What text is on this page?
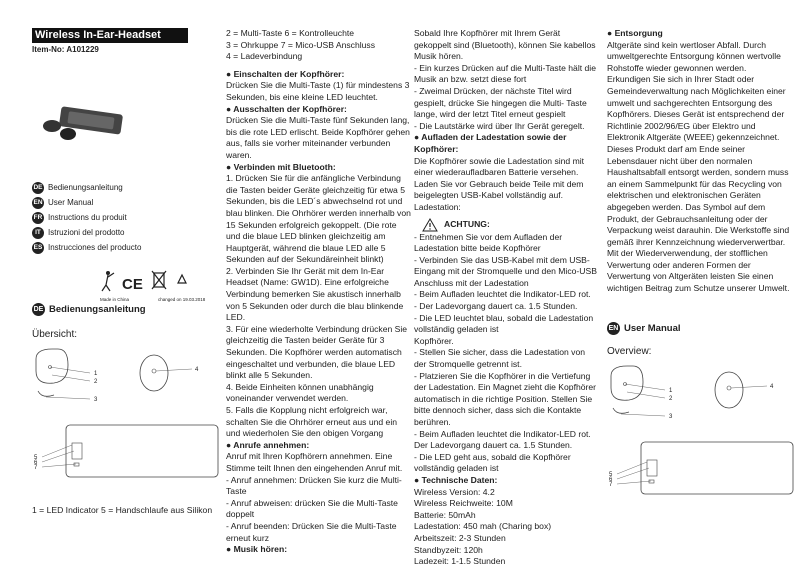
Wireless In-Ear-Headset
Item-No: A101229
DE Bedienungsanleitung
EN User Manual
FR Instructions du produit
IT Istruzioni del prodotto
ES Instrucciones del producto
CE
Made in China	changed on 19.03.2018
DE Bedienungsanleitung
Übersicht:
1
2
3
4
5
6
7
1 = LED Indicator 5 = Handschlaufe aus Silikon

2 = Multi-Taste 6 = Kontrolleuchte

3 = Ohrkuppe 7 = Mico-USB Anschluss

4 = Ladeverbindung

● Einschalten der Kopfhörer:

Drücken Sie die Multi-Taste (1) für mindestens 3 Sekunden, bis eine kleine LED leuchtet.

● Ausschalten der Kopfhörer:

Drücken Sie die Multi-Taste fünf Sekunden lang, bis die rote LED erlischt. Beide Kopfhörer gehen aus, falls sie vorher miteinander verbunden waren.

● Verbinden mit Bluetooth:

1. Drücken Sie für die anfängliche Verbindung die Tasten beider Geräte gleichzeitig für etwa 5 Sekunden, bis die LED´s abwechselnd rot und blau blinken. Die Ohrhörer werden innerhalb von 15 Sekunden erfolgreich gekoppelt. (Die rote und die blaue LED blinken gleichzeitig am Hauptgerät, während die blaue LED alle 5 Sekunden auf der Sekundäreinheit blinkt)

2. Verbinden Sie Ihr Gerät mit dem In-Ear Headset (Name: GW1D). Eine erfolgreiche Verbindung bemerken Sie akustisch innerhalb von 5 Sekunden oder durch die blau blinkende LED.

3. Für eine wiederholte Verbindung drücken Sie gleichzeitig die Tasten beider Geräte für 3 Sekunden. Die Kopfhörer werden automatisch eingeschaltet und verbunden, die blaue LED blinkt alle 5 Sekunden.

4. Beide Einheiten können unabhängig voneinander verwendet werden.

5. Falls die Kopplung nicht erfolgreich war, schalten Sie die Ohrhörer erneut aus und ein und wiederholen Sie den obigen Vorgang

● Anrufe annehmen:

Anruf mit Ihren Kopfhörern annehmen. Eine Stimme teilt Ihnen den eingehenden Anruf mit.

- Anruf annehmen: Drücken Sie kurz die Multi-Taste

- Anruf abweisen: drücken Sie die Multi-Taste doppelt

- Anruf beenden: Drücken Sie die Multi-Taste erneut kurz

● Musik hören:

Sobald Ihre Kopfhörer mit Ihrem Gerät gekoppelt sind (Bluetooth), können Sie kabellos Musik hören.

- Ein kurzes Drücken auf die Multi-Taste hält die Musik an bzw. setzt diese fort

- Zweimal Drücken, der nächste Titel wird gespielt, drücke Sie hingegen die Multi- Taste lange, wird der letzt Titel erneut gespielt

- Die Lautstärke wird über Ihr Gerät geregelt.

● Aufladen der Ladestation sowie der Kopfhörer:

Die Kopfhörer sowie die Ladestation sind mit einer wiederaufladbaren Batterie versehen. Laden Sie vor Gebrauch beide Teile mit dem beigelegten USB-Kabel vollständig auf. Ladestation:

ACHTUNG:

- Entnehmen Sie vor dem Aufladen der Ladestation bitte beide Kopfhörer

- Verbinden Sie das USB-Kabel mit dem USB-Eingang mit der Stromquelle und den Mico-USB Anschluss mit der Ladestation

- Beim Aufladen leuchtet die Indikator-LED rot.

- Der Ladevorgang dauert ca. 1.5 Stunden.

- Die LED leuchtet blau, sobald die Ladestation vollständig geladen ist

Kopfhörer.

- Stellen Sie sicher, dass die Ladestation von der Stromquelle getrennt ist.

- Platzieren Sie die Kopfhörer in die Vertiefung der Ladestation. Ein Magnet zieht die Kopfhörer automatisch in die richtige Position. Stellen Sie bitte dennoch sicher, dass sich die Kontakte berühren.

- Beim Aufladen leuchtet die Indikator-LED rot. Der Ladevorgang dauert ca. 1.5 Stunden.

- Die LED geht aus, sobald die Kopfhörer vollständig geladen ist

● Technische Daten:

Wireless Version: 4.2

Wireless Reichweite: 10M

Batterie: 50mAh

Ladestation: 450 mah (Charing box)

Arbeitszeit: 2-3 Stunden

Standbyzeit: 120h

Ladezeit: 1-1.5 Stunden

● Entsorgung

Altgeräte sind kein wertloser Abfall. Durch umweltgerechte Entsorgung können wertvolle Rohstoffe wieder gewonnen werden. Erkundigen Sie sich in Ihrer Stadt oder Gemeindeverwaltung nach Möglichkeiten einer umwelt und sachgerechten Entsorgung des Kopfhörers. Dieses Gerät ist entsprechend der Richtlinie 2002/96/EG über Elektro und Elektronik Altgeräte (WEEE) gekennzeichnet. Dieses Produkt darf am Ende seiner Lebensdauer nicht über den normalen Haushaltsabfall entsorgt werden, sondern muss an einem Sammelpunkt für das Recycling von elektrischen und elektronischen Geräten abgegeben werden. Das Symbol auf dem Produkt, der Gebrauchsanleitung oder der Verpackung weist darauhin. Die Werkstoffe sind gemäß ihrer Kennzeichnung wiederverwertbar. Mit der Wiederverwendung, der stofflichen Verwertung oder anderen Formen der Verwertung von Altgeräten leisten Sie einen wichtigen Beitrag zum Schutze unserer Umwelt.

EN User Manual
Overview:
1
2
3
4
5
6
7
